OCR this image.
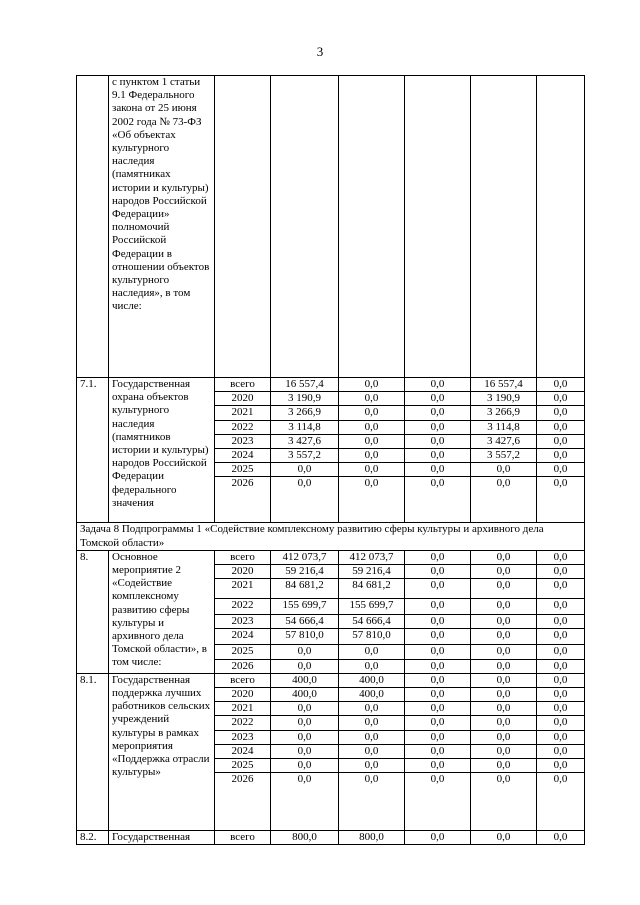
3
	с пунктом 1 статьи 9.1 Федерального закона от 25 июня 2002 года № 73-ФЗ «Об объектах культурного наследия (памятниках истории и культуры) народов Российской Федерации» полномочий Российской Федерации в отношении объектов культурного наследия», в том числе:						
7.1.	Государственная охрана объектов культурного наследия (памятников истории и культуры) народов Российской Федерации федерального значения	всего	16 557,4	0,0	0,0	16 557,4	0,0
		2020	3 190,9	0,0	0,0	3 190,9	0,0
		2021	3 266,9	0,0	0,0	3 266,9	0,0
		2022	3 114,8	0,0	0,0	3 114,8	0,0
		2023	3 427,6	0,0	0,0	3 427,6	0,0
		2024	3 557,2	0,0	0,0	3 557,2	0,0
		2025	0,0	0,0	0,0	0,0	0,0
		2026	0,0	0,0	0,0	0,0	0,0
Задача 8 Подпрограммы 1 «Содействие комплексному развитию сферы культуры и архивного дела Томской области»							
8.	Основное мероприятие 2 «Содействие комплексному развитию сферы культуры и архивного дела Томской области», в том числе:	всего	412 073,7	412 073,7	0,0	0,0	0,0
		2020	59 216,4	59 216,4	0,0	0,0	0,0
		2021	84 681,2	84 681,2	0,0	0,0	0,0
		2022	155 699,7	155 699,7	0,0	0,0	0,0
		2023	54 666,4	54 666,4	0,0	0,0	0,0
		2024	57 810,0	57 810,0	0,0	0,0	0,0
		2025	0,0	0,0	0,0	0,0	0,0
		2026	0,0	0,0	0,0	0,0	0,0
8.1.	Государственная поддержка лучших работников сельских учреждений культуры в рамках мероприятия «Поддержка отрасли культуры»	всего	400,0	400,0	0,0	0,0	0,0
		2020	400,0	400,0	0,0	0,0	0,0
		2021	0,0	0,0	0,0	0,0	0,0
		2022	0,0	0,0	0,0	0,0	0,0
		2023	0,0	0,0	0,0	0,0	0,0
		2024	0,0	0,0	0,0	0,0	0,0
		2025	0,0	0,0	0,0	0,0	0,0
		2026	0,0	0,0	0,0	0,0	0,0
8.2.	Государственная	всего	800,0	800,0	0,0	0,0	0,0
